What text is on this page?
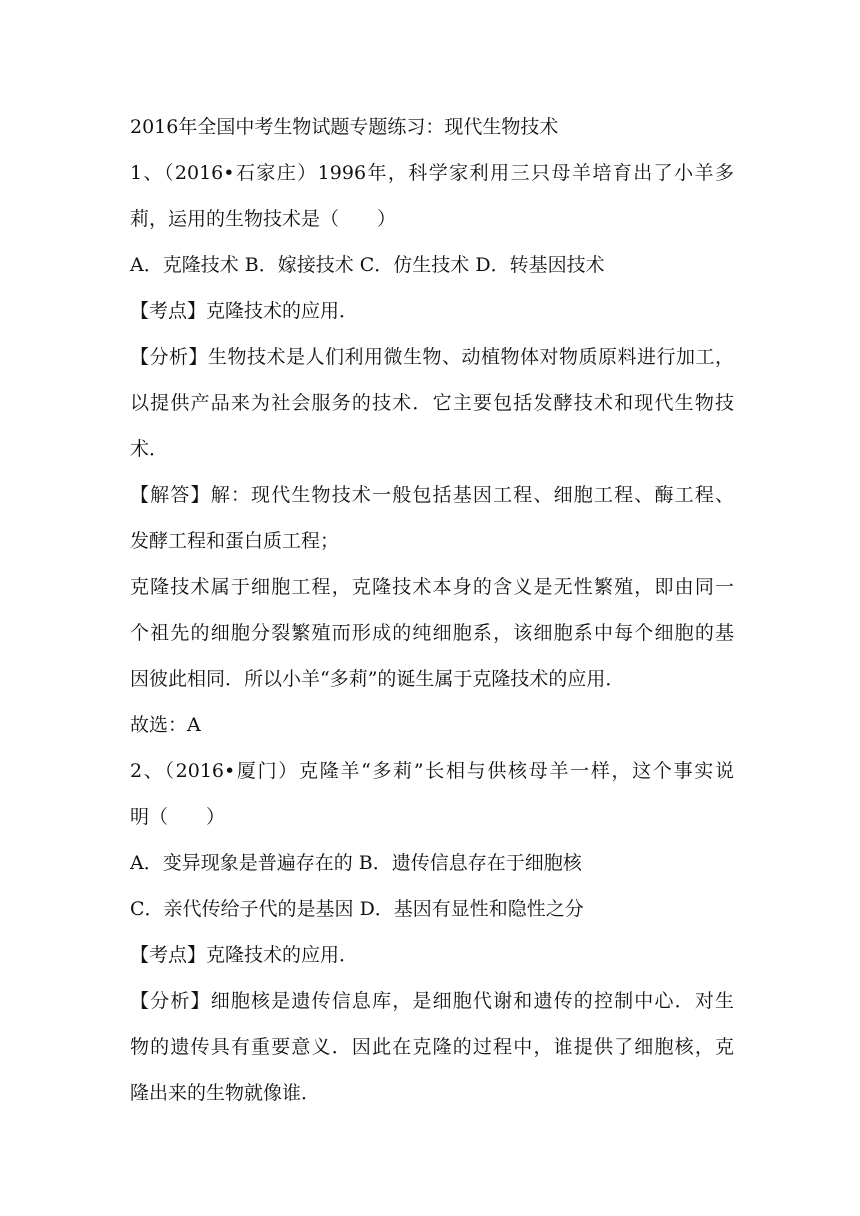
2016年全国中考生物试题专题练习：现代生物技术
1、（2016•石家庄）1996年，科学家利用三只母羊培育出了小羊多
莉，运用的生物技术是（　　）
A．克隆技术 B．嫁接技术 C．仿生技术 D．转基因技术
【考点】克隆技术的应用．
【分析】生物技术是人们利用微生物、动植物体对物质原料进行加工，
以提供产品来为社会服务的技术．它主要包括发酵技术和现代生物技
术．
【解答】解：现代生物技术一般包括基因工程、细胞工程、酶工程、
发酵工程和蛋白质工程；
克隆技术属于细胞工程，克隆技术本身的含义是无性繁殖，即由同一
个祖先的细胞分裂繁殖而形成的纯细胞系，该细胞系中每个细胞的基
因彼此相同．所以小羊“多莉”的诞生属于克隆技术的应用．
故选：A
2、（2016•厦门）克隆羊“多莉”长相与供核母羊一样，这个事实说
明（　　）
A．变异现象是普遍存在的 B．遗传信息存在于细胞核
C．亲代传给子代的是基因 D．基因有显性和隐性之分
【考点】克隆技术的应用．
【分析】细胞核是遗传信息库，是细胞代谢和遗传的控制中心．对生
物的遗传具有重要意义．因此在克隆的过程中，谁提供了细胞核，克
隆出来的生物就像谁．
